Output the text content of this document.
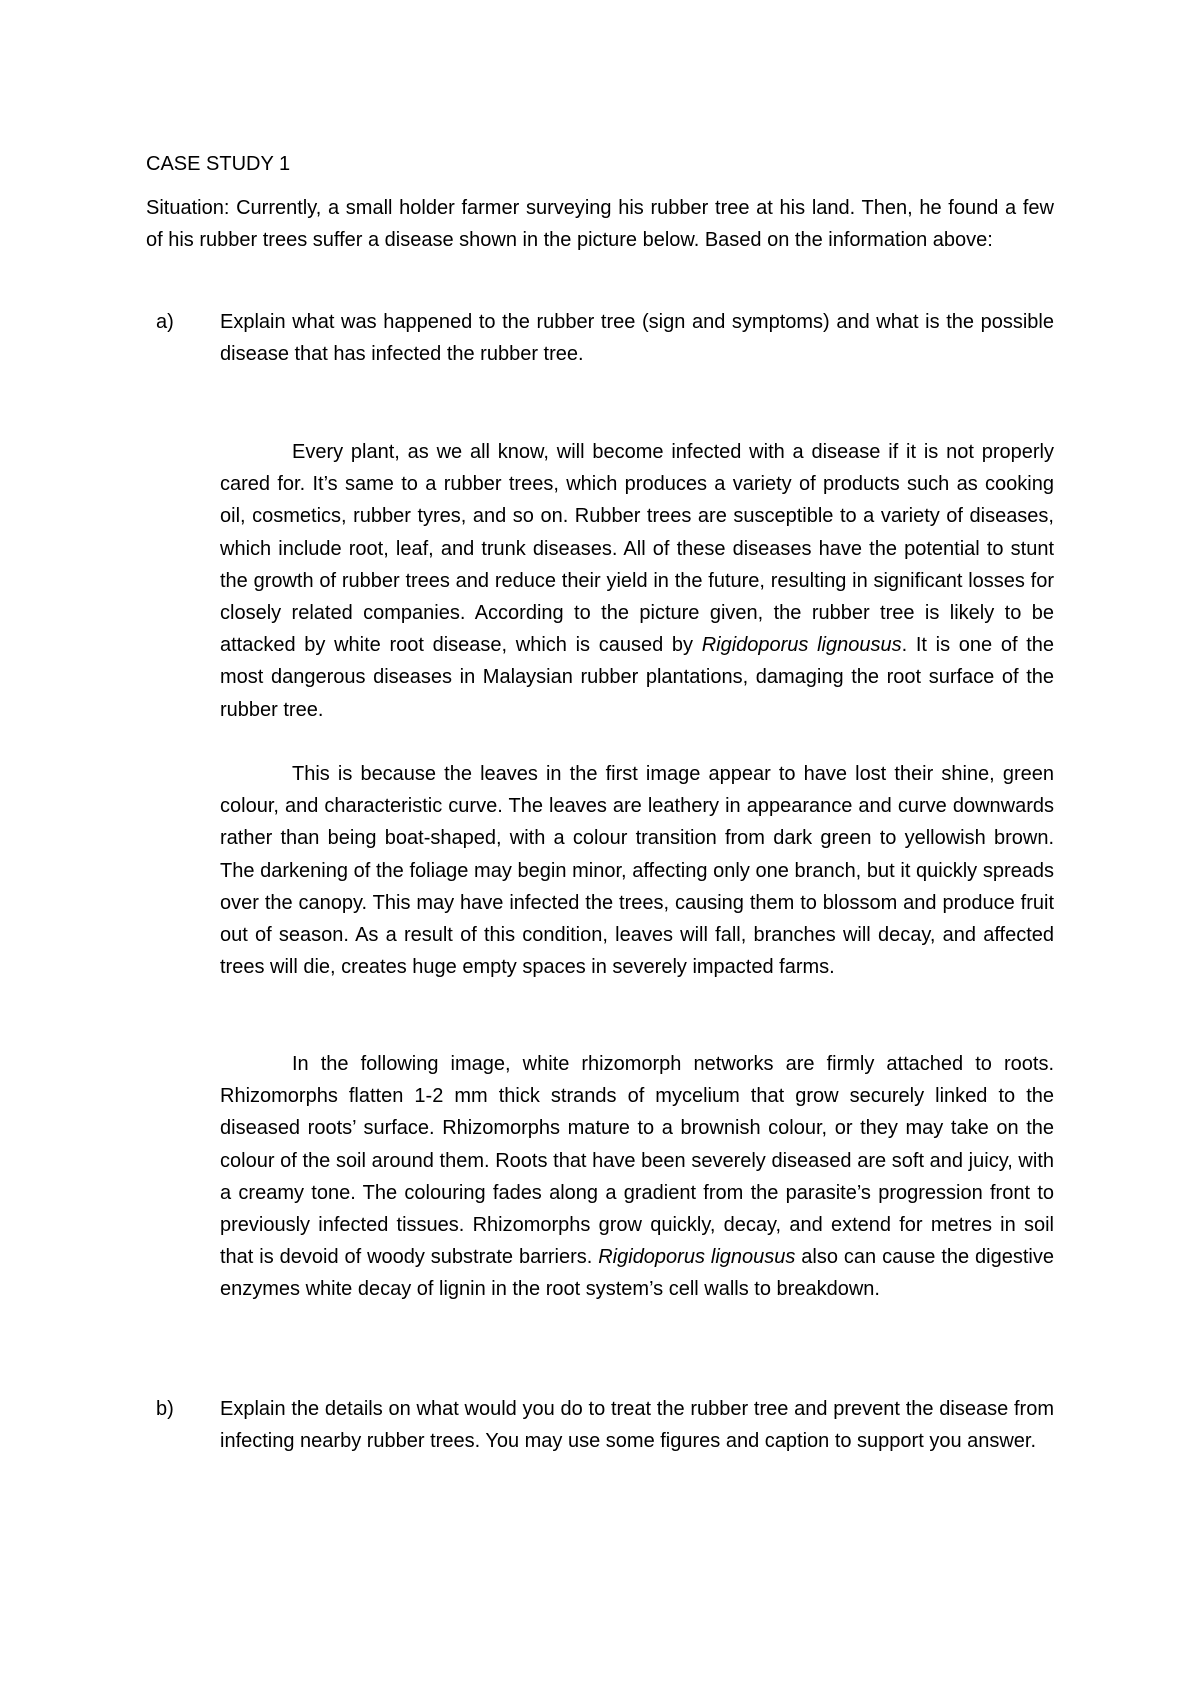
CASE STUDY 1

Situation: Currently, a small holder farmer surveying his rubber tree at his land. Then, he found a few of his rubber trees suffer a disease shown in the picture below. Based on the information above:

a) Explain what was happened to the rubber tree (sign and symptoms) and what is the possible disease that has infected the rubber tree.

Every plant, as we all know, will become infected with a disease if it is not properly cared for. It’s same to a rubber trees, which produces a variety of products such as cooking oil, cosmetics, rubber tyres, and so on. Rubber trees are susceptible to a variety of diseases, which include root, leaf, and trunk diseases. All of these diseases have the potential to stunt the growth of rubber trees and reduce their yield in the future, resulting in significant losses for closely related companies. According to the picture given, the rubber tree is likely to be attacked by white root disease, which is caused by Rigidoporus lignousus. It is one of the most dangerous diseases in Malaysian rubber plantations, damaging the root surface of the rubber tree.

This is because the leaves in the first image appear to have lost their shine, green colour, and characteristic curve. The leaves are leathery in appearance and curve downwards rather than being boat-shaped, with a colour transition from dark green to yellowish brown. The darkening of the foliage may begin minor, affecting only one branch, but it quickly spreads over the canopy. This may have infected the trees, causing them to blossom and produce fruit out of season. As a result of this condition, leaves will fall, branches will decay, and affected trees will die, creates huge empty spaces in severely impacted farms.

In the following image, white rhizomorph networks are firmly attached to roots. Rhizomorphs flatten 1-2 mm thick strands of mycelium that grow securely linked to the diseased roots’ surface. Rhizomorphs mature to a brownish colour, or they may take on the colour of the soil around them. Roots that have been severely diseased are soft and juicy, with a creamy tone. The colouring fades along a gradient from the parasite’s progression front to previously infected tissues. Rhizomorphs grow quickly, decay, and extend for metres in soil that is devoid of woody substrate barriers. Rigidoporus lignousus also can cause the digestive enzymes white decay of lignin in the root system’s cell walls to breakdown.

b) Explain the details on what would you do to treat the rubber tree and prevent the disease from infecting nearby rubber trees. You may use some figures and caption to support you answer.
